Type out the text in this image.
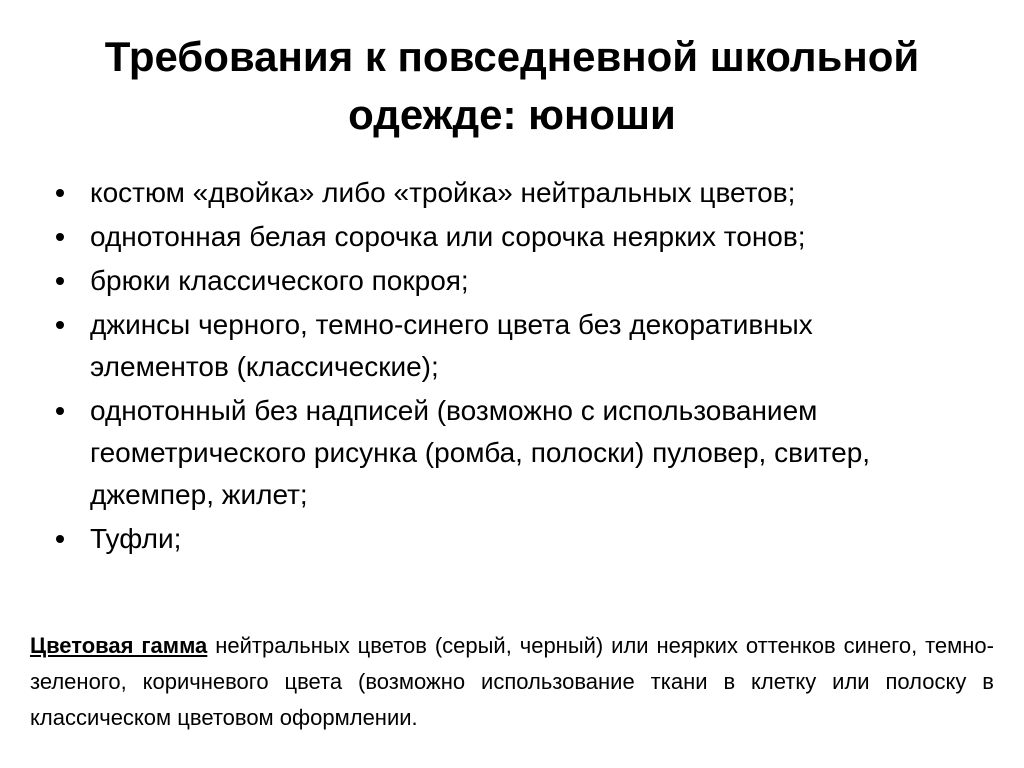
Требования к повседневной школьной одежде: юноши
костюм «двойка» либо «тройка» нейтральных цветов;
однотонная белая сорочка или сорочка неярких тонов;
брюки классического покроя;
джинсы черного, темно-синего цвета без декоративных элементов (классические);
однотонный без надписей (возможно с использованием геометрического рисунка (ромба, полоски) пуловер, свитер, джемпер, жилет;
Туфли;

Цветовая гамма нейтральных цветов (серый, черный) или неярких оттенков синего, темно-зеленого, коричневого цвета (возможно использование ткани в клетку или полоску в классическом цветовом оформлении.
